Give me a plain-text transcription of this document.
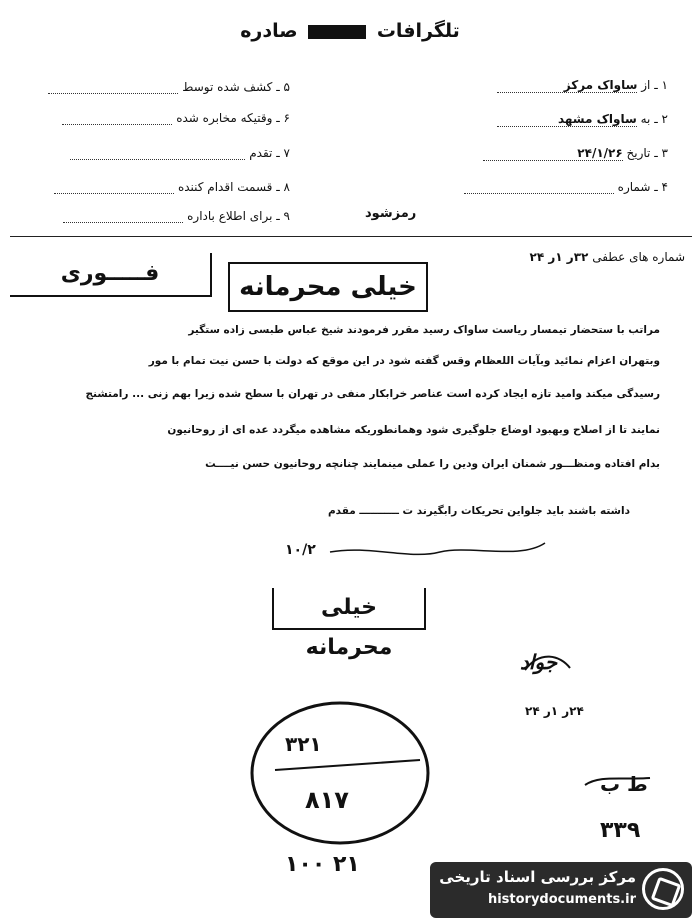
تلگرافات  صادره
۵ ـ کشف شده توسط
۶ ـ وقتیکه مخابره شده
۷ ـ تقدم
۸ ـ قسمت اقدام کننده
۹ ـ برای اطلاع باداره
۱ ـ از ساواک مرکز
۲ ـ به ساواک مشهد
۳ ـ تاریخ ۲۴/۱/۲۶
۴ ـ شماره
رمزشود
شماره های عطفی ۳۲ر ۱ر ۲۴
فـــــوری	خیلی محرمانه
مراتب با ستحضار تیمسار ریاست ساواک رسید مقرر فرمودند شیخ عباس طبسی زاده ستگیر
وبتهران اعزام نمائید وبآیات اللعظام وقس گفته شود در این موقع که دولت با حسن نیت تمام با مور
رسیدگی میکند وامید تازه ایجاد کرده است عناصر خرابکار منفی در تهران با سطح شده زیرا بهم زنی ... رامتشنج
نمایند تا از اصلاح وبهبود اوضاع جلوگیری شود وهمانطوریکه مشاهده میگردد عده ای از روحانیون
بدام افتاده ومنظـــور شمنان ایران ودین را عملی مینمایند چنانچه روحانیون حسن نیــــت
داشته باشند باید جلواین تحریکات رابگیرند ت ـــــــــــ مقدم
۱۰/۲
خیلی محرمانه
جواد
۲۴ر ۱ر ۲۴
۳۲۱
۸۱۷
ط ب
۳۳۹
۲۱ ۱۰۰	مرکز بررسی اسناد تاریخی
historydocuments.ir
